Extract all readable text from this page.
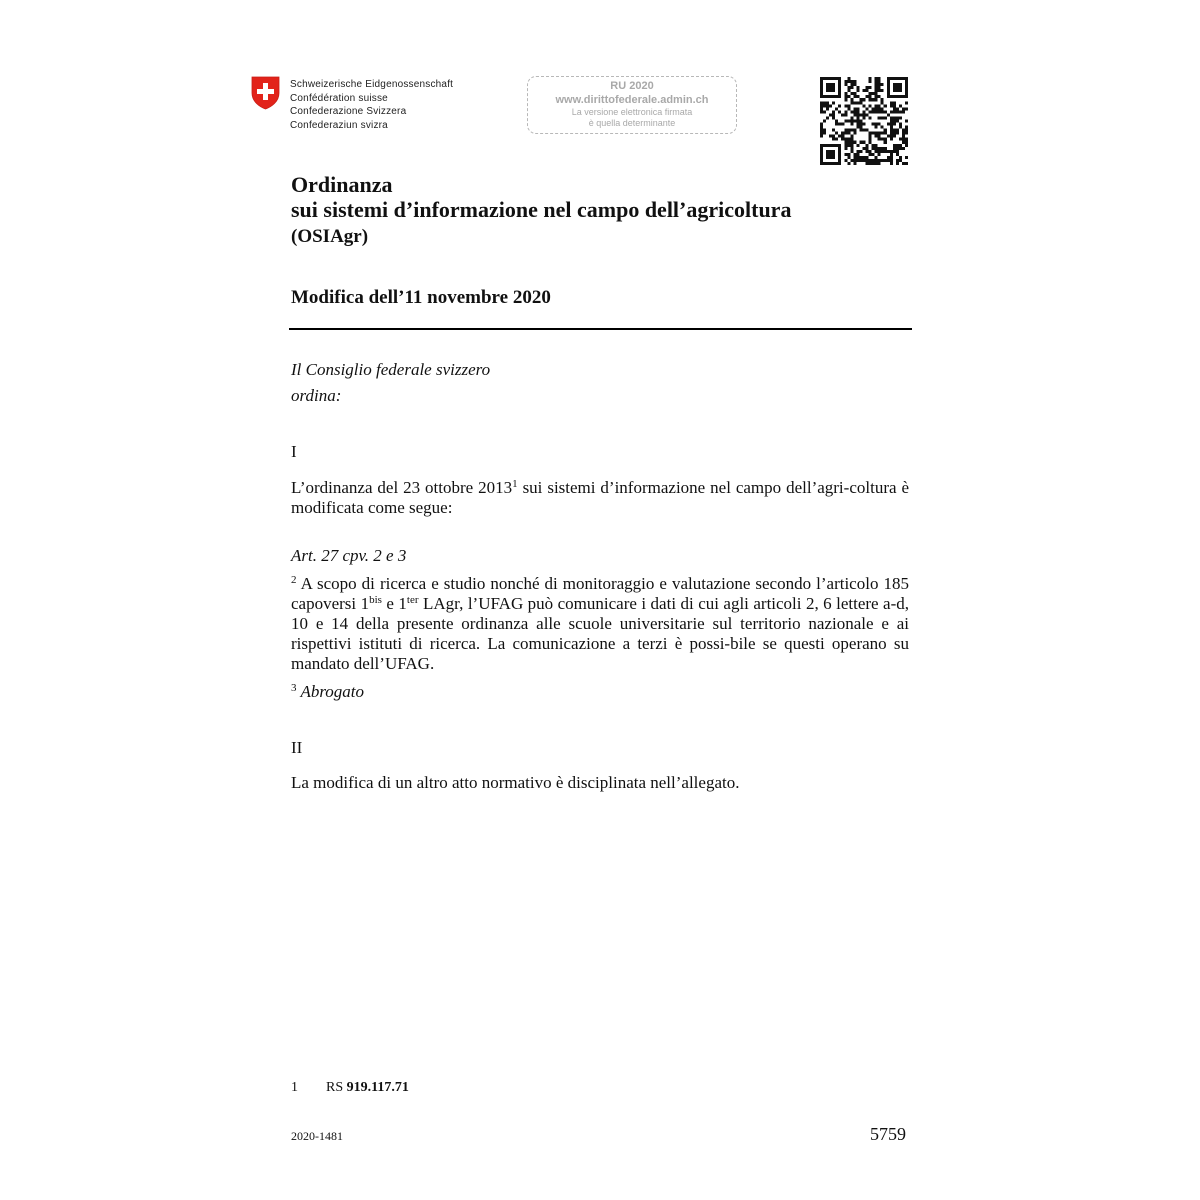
Schweizerische Eidgenossenschaft
Confédération suisse
Confederazione Svizzera
Confederaziun svizra
RU 2020
www.dirittofederale.admin.ch
La versione elettronica firmata
è quella determinante
Ordinanza
sui sistemi d’informazione nel campo dell’agricoltura
(OSIAgr)
Modifica dell’11 novembre 2020
Il Consiglio federale svizzero
ordina:
I
L’ordinanza del 23 ottobre 2013$^1$ sui sistemi d’informazione nel campo dell’agri-coltura è modificata come segue:
Art. 27 cpv. 2 e 3
$^2$ A scopo di ricerca e studio nonché di monitoraggio e valutazione secondo l’articolo 185 capoversi $1^{bis}$ e $1^{ter}$ LAgr, l’UFAG può comunicare i dati di cui agli articoli 2, 6 lettere a-d, 10 e 14 della presente ordinanza alle scuole universitarie sul territorio nazionale e ai rispettivi istituti di ricerca. La comunicazione a terzi è possi-bile se questi operano su mandato dell’UFAG.
$^3$ Abrogato
II
La modifica di un altro atto normativo è disciplinata nell’allegato.
1 RS 919.117.71
2020-1481	5759
